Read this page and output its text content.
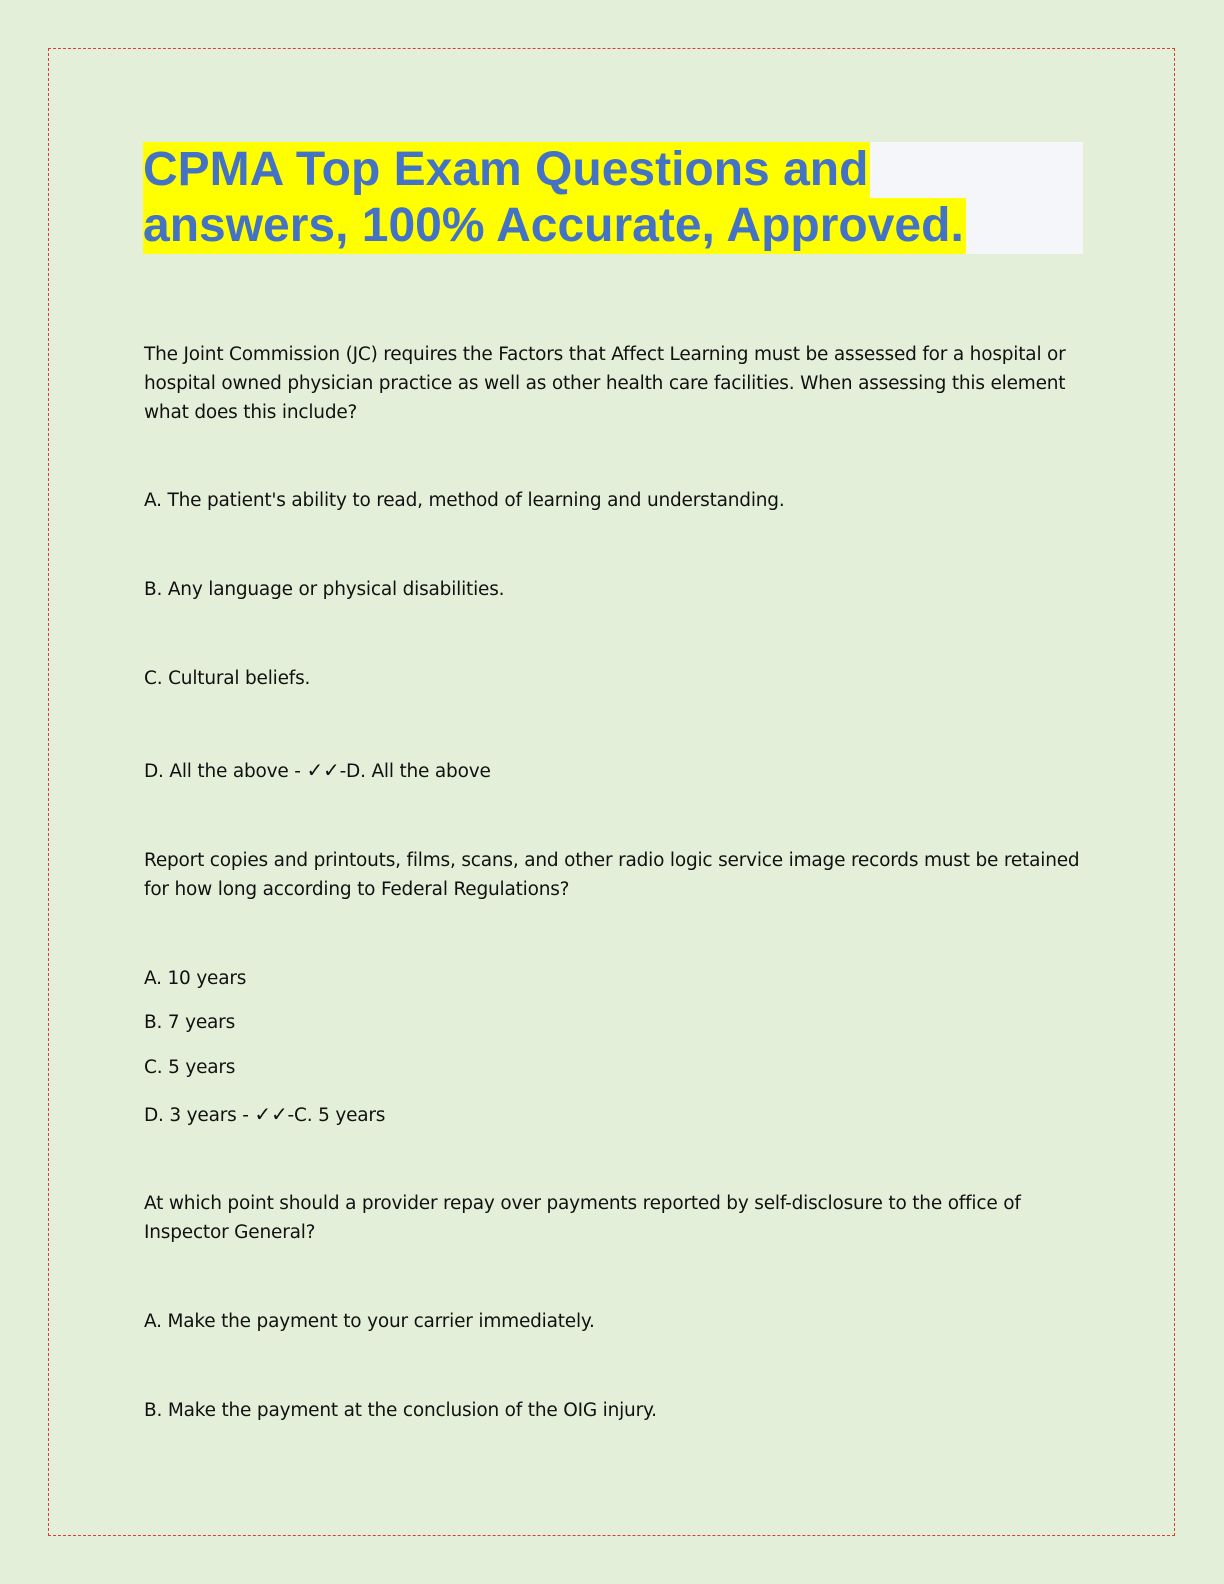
CPMA Top Exam Questions and
answers, 100% Accurate, Approved.

The Joint Commission (JC) requires the Factors that Affect Learning must be assessed for a hospital or

hospital owned physician practice as well as other health care facilities. When assessing this element

what does this include?

A. The patient's ability to read, method of learning and understanding.

B. Any language or physical disabilities.

C. Cultural beliefs.

D. All the above - ✓✓-D. All the above

Report copies and printouts, films, scans, and other radio logic service image records must be retained

for how long according to Federal Regulations?

A. 10 years

B. 7 years

C. 5 years

D. 3 years - ✓✓-C. 5 years

At which point should a provider repay over payments reported by self-disclosure to the office of

Inspector General?

A. Make the payment to your carrier immediately.

B. Make the payment at the conclusion of the OIG injury.
